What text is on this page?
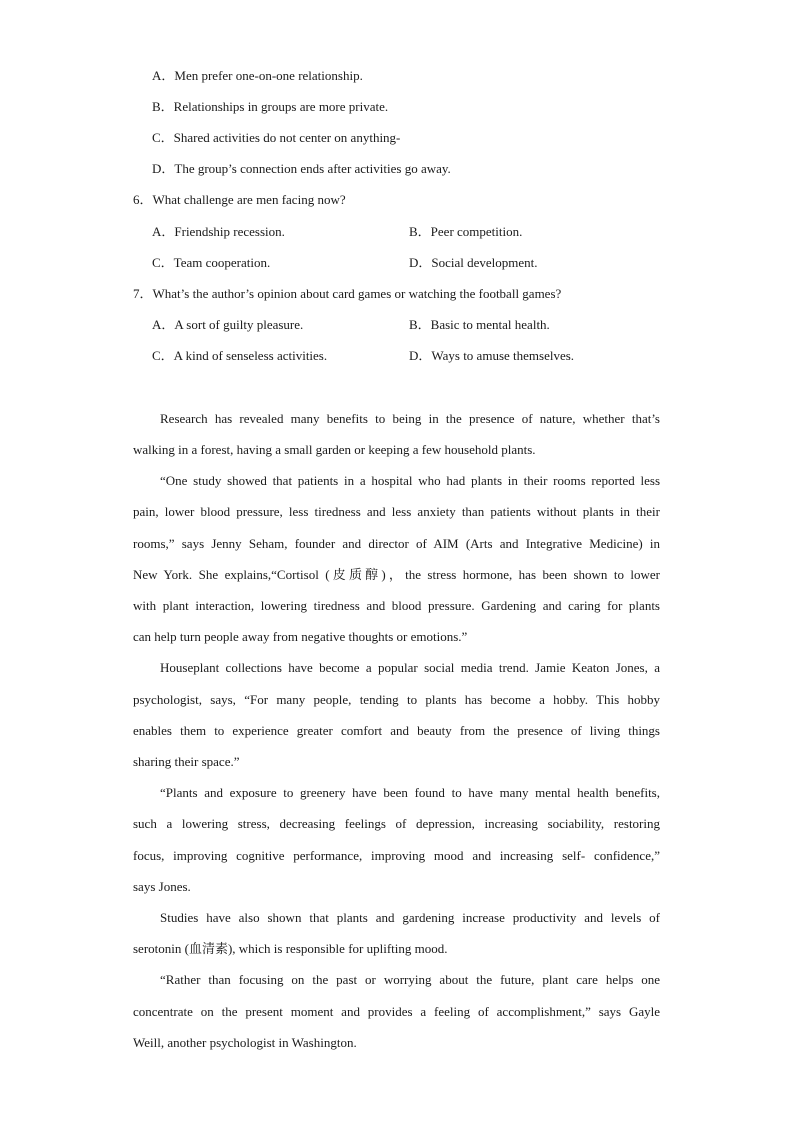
A．Men prefer one-on-one relationship.
B．Relationships in groups are more private.
C．Shared activities do not center on anything-
D．The group’s connection ends after activities go away.
6．What challenge are men facing now?
A．Friendship recession.	B．Peer competition.
C．Team cooperation.	D．Social development.
7．What’s the author’s opinion about card games or watching the football games?
A．A sort of guilty pleasure.	B．Basic to mental health.
C．A kind of senseless activities.	D．Ways to amuse themselves.
Research has revealed many benefits to being in the presence of nature, whether that’s
walking in a forest, having a small garden or keeping a few household plants.
“One study showed that patients in a hospital who had plants in their rooms reported less
pain, lower blood pressure, less tiredness and less anxiety than patients without plants in their
rooms,” says Jenny Seham, founder and director of AIM (Arts and Integrative Medicine) in
New York. She explains,“Cortisol (皮质醇)，the stress hormone, has been shown to lower
with plant interaction, lowering tiredness and blood pressure. Gardening and caring for plants
can help turn people away from negative thoughts or emotions.”
Houseplant collections have become a popular social media trend. Jamie Keaton Jones, a
psychologist, says, “For many people, tending to plants has become a hobby. This hobby
enables them to experience greater comfort and beauty from the presence of living things
sharing their space.”
“Plants and exposure to greenery have been found to have many mental health benefits,
such a lowering stress, decreasing feelings of depression, increasing sociability, restoring
focus, improving cognitive performance, improving mood and increasing self- confidence,”
says Jones.
Studies have also shown that plants and gardening increase productivity and levels of
serotonin (血清素), which is responsible for uplifting mood.
“Rather than focusing on the past or worrying about the future, plant care helps one
concentrate on the present moment and provides a feeling of accomplishment,” says Gayle
Weill, another psychologist in Washington.
